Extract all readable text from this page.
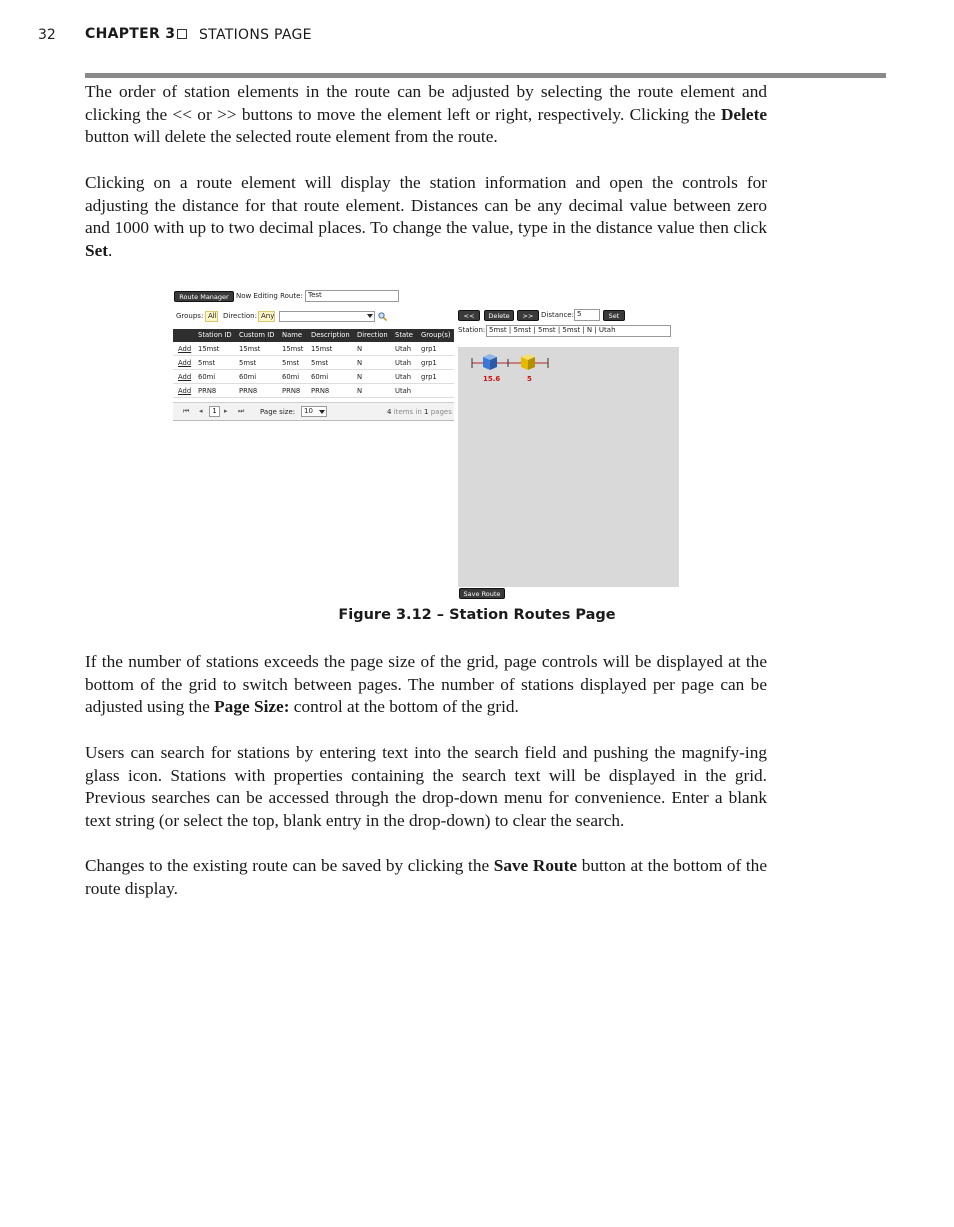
32 CHAPTER 3 STATIONS PAGE

The order of station elements in the route can be adjusted by selecting the route element and clicking the << or >> buttons to move the element left or right, respectively. Clicking the Delete button will delete the selected route element from the route.

Clicking on a route element will display the station information and open the controls for adjusting the distance for that route element. Distances can be any decimal value between zero and 1000 with up to two decimal places. To change the value, type in the distance value then click Set.

Route Manager	Now Editing Route: Test
Groups: All Direction: Any	<<	Delete	>>	Distance: 5	Set
Station: 5mst | 5mst | 5mst | 5mst | N | Utah
Station ID Custom ID Name Description Direction State Group(s)
Add 15mst	15mst	15mst 15mst	N	Utah grp1
Add 5mst	5mst	5mst 5mst	N	Utah grp1
Add 60mi	60mi	60mi 60mi	N	Utah grp1
Add PRN8	PRN8	PRN8 PRN8	N	Utah
⏮ ◂	1	▸ ⏭ Page size:	10	4 items in 1 pages
15.6	5
Save Route
Figure 3.12 – Station Routes Page

If the number of stations exceeds the page size of the grid, page controls will be displayed at the bottom of the grid to switch between pages. The number of stations displayed per page can be adjusted using the Page Size: control at the bottom of the grid.

Users can search for stations by entering text into the search field and pushing the magnify-ing glass icon. Stations with properties containing the search text will be displayed in the grid. Previous searches can be accessed through the drop-down menu for convenience. Enter a blank text string (or select the top, blank entry in the drop-down) to clear the search.

Changes to the existing route can be saved by clicking the Save Route button at the bottom of the route display.
